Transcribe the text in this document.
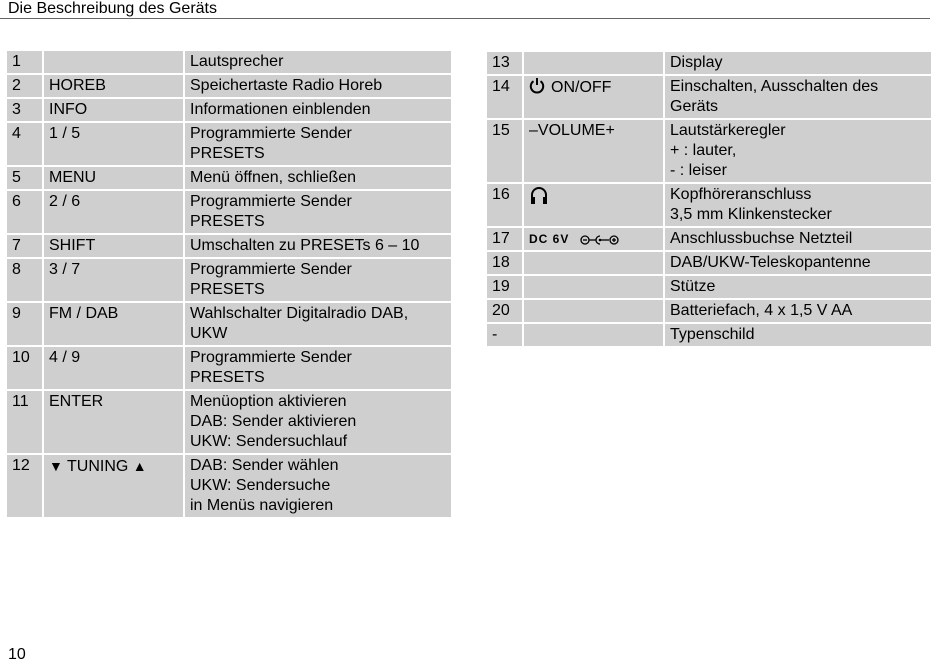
Die Beschreibung des Geräts
1		Lautsprecher

2	HOREB	Speichertaste Radio Horeb

3	INFO	Informationen einblenden

4	1 / 5	Programmierte Sender
PRESETS

5	MENU	Menü öffnen, schließen

6	2 / 6	Programmierte Sender
PRESETS

7	SHIFT	Umschalten zu PRESETs 6 – 10

8	3 / 7	Programmierte Sender
PRESETS

9	FM / DAB	Wahlschalter Digitalradio DAB,
UKW

10	4 / 9	Programmierte Sender
PRESETS

11	ENTER	Menüoption aktivieren
DAB: Sender aktivieren
UKW: Sendersuchlauf

12	▼ TUNING ▲	DAB: Sender wählen
UKW: Sendersuche
in Menüs navigieren
13		Display

14	ON/OFF	Einschalten, Ausschalten des
Geräts

15	–VOLUME+	Lautstärkeregler
+ : lauter,
- : leiser

16		Kopfhöreranschluss
3,5 mm Klinkenstecker

17	DC 6V	Anschlussbuchse Netzteil

18		DAB/UKW-Teleskopantenne

19		Stütze

20		Batteriefach, 4 x 1,5 V AA

-		Typenschild
10
